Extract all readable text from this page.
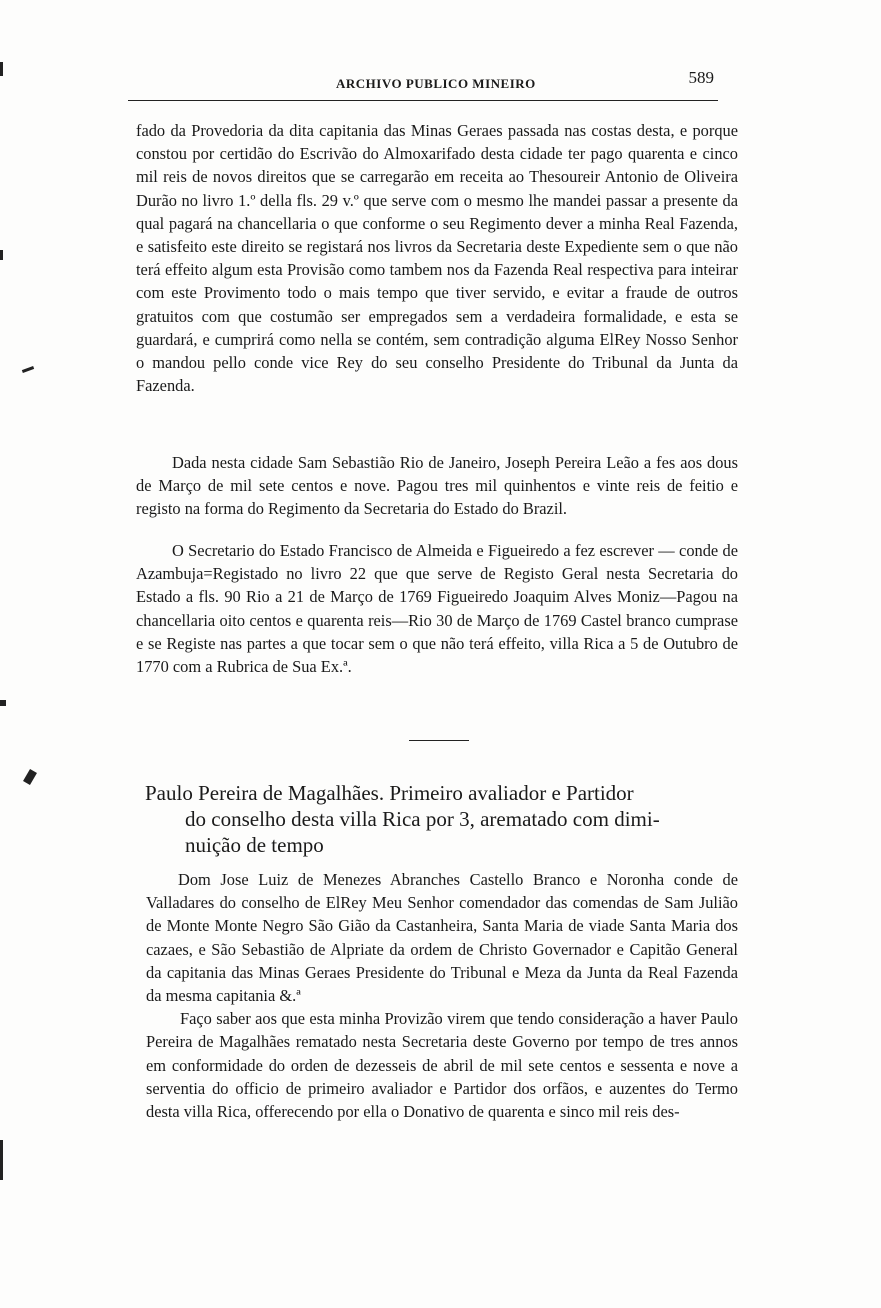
ARCHIVO PUBLICO MINEIRO	589

fado da Provedoria da dita capitania das Minas Geraes passada nas costas desta, e porque constou por certidão do Escrivão do Almoxarifado desta cidade ter pago quarenta e cinco mil reis de novos direitos que se carregarão em receita ao Thesoureir Antonio de Oliveira Durão no livro 1.º della fls. 29 v.º que serve com o mesmo lhe mandei passar a presente da qual pagará na chancellaria o que conforme o seu Regimento dever a minha Real Fazenda, e satisfeito este direito se registará nos livros da Secretaria deste Expediente sem o que não terá effeito algum esta Provisão como tambem nos da Fazenda Real respectiva para inteirar com este Provimento todo o mais tempo que tiver servido, e evitar a fraude de outros gratuitos com que costumão ser empregados sem a verdadeira formalidade, e esta se guardará, e cumprirá como nella se contém, sem contradição alguma ElRey Nosso Senhor o mandou pello conde vice Rey do seu conselho Presidente do Tribunal da Junta da Fazenda.

Dada nesta cidade Sam Sebastião Rio de Janeiro, Joseph Pereira Leão a fes aos dous de Março de mil sete centos e nove. Pagou tres mil quinhentos e vinte reis de feitio e registo na forma do Regimento da Secretaria do Estado do Brazil.

O Secretario do Estado Francisco de Almeida e Figueiredo a fez escrever — conde de Azambuja=Registado no livro 22 que que serve de Registo Geral nesta Secretaria do Estado a fls. 90 Rio a 21 de Março de 1769 Figueiredo Joaquim Alves Moniz—Pagou na chancellaria oito centos e quarenta reis—Rio 30 de Março de 1769 Castel branco cumprase e se Registe nas partes a que tocar sem o que não terá effeito, villa Rica a 5 de Outubro de 1770 com a Rubrica de Sua Ex.ª.

Paulo Pereira de Magalhães. Primeiro avaliador e Partidor
do conselho desta villa Rica por 3, arematado com dimi-
nuição de tempo

Dom Jose Luiz de Menezes Abranches Castello Branco e Noronha conde de Valladares do conselho de ElRey Meu Senhor comendador das comendas de Sam Julião de Monte Monte Negro São Gião da Castanheira, Santa Maria de viade Santa Maria dos cazaes, e São Sebastião de Alpriate da ordem de Christo Governador e Capitão General da capitania das Minas Geraes Presidente do Tribunal e Meza da Junta da Real Fazenda da mesma capitania &.ª

Faço saber aos que esta minha Provizão virem que tendo consideração a haver Paulo Pereira de Magalhães rematado nesta Secretaria deste Governo por tempo de tres annos em conformidade do orden de dezesseis de abril de mil sete centos e sessenta e nove a serventia do officio de primeiro avaliador e Partidor dos orfãos, e auzentes do Termo desta villa Rica, offerecendo por ella o Donativo de quarenta e sinco mil reis des-
